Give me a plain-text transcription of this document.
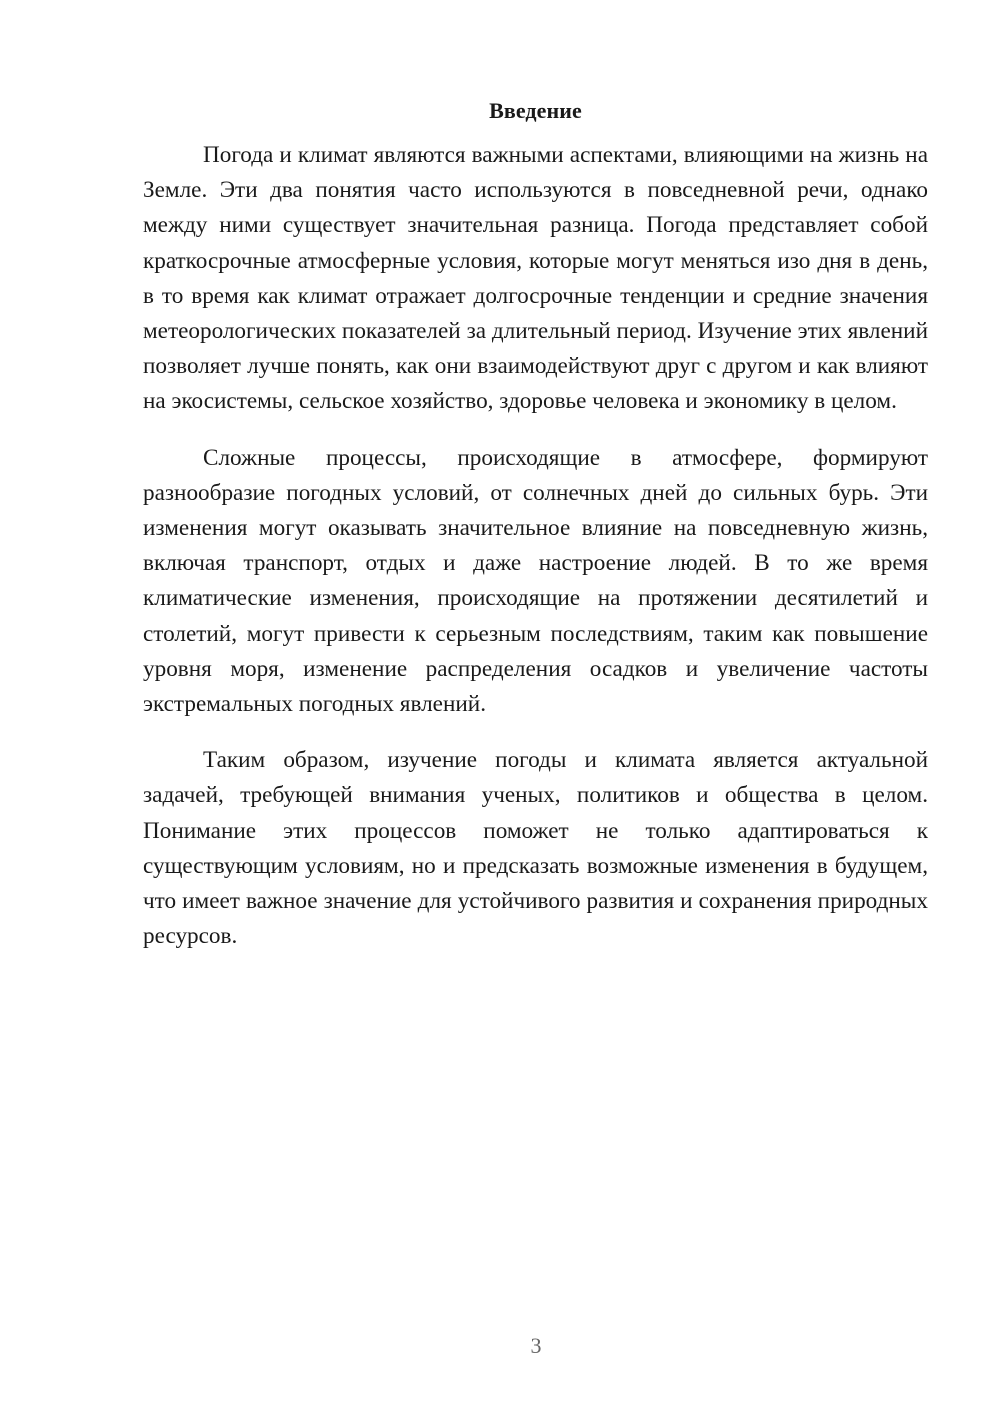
Введение

Погода и климат являются важными аспектами, влияющими на жизнь на Земле. Эти два понятия часто используются в повседневной речи, однако между ними существует значительная разница. Погода представляет собой краткосрочные атмосферные условия, которые могут меняться изо дня в день, в то время как климат отражает долгосрочные тенденции и средние значения метеорологических показателей за длительный период. Изучение этих явлений позволяет лучше понять, как они взаимодействуют друг с другом и как влияют на экосистемы, сельское хозяйство, здоровье человека и экономику в целом.

Сложные процессы, происходящие в атмосфере, формируют разнообразие погодных условий, от солнечных дней до сильных бурь. Эти изменения могут оказывать значительное влияние на повседневную жизнь, включая транспорт, отдых и даже настроение людей. В то же время климатические изменения, происходящие на протяжении десятилетий и столетий, могут привести к серьезным последствиям, таким как повышение уровня моря, изменение распределения осадков и увеличение частоты экстремальных погодных явлений.

Таким образом, изучение погоды и климата является актуальной задачей, требующей внимания ученых, политиков и общества в целом. Понимание этих процессов поможет не только адаптироваться к существующим условиям, но и предсказать возможные изменения в будущем, что имеет важное значение для устойчивого развития и сохранения природных ресурсов.

3
